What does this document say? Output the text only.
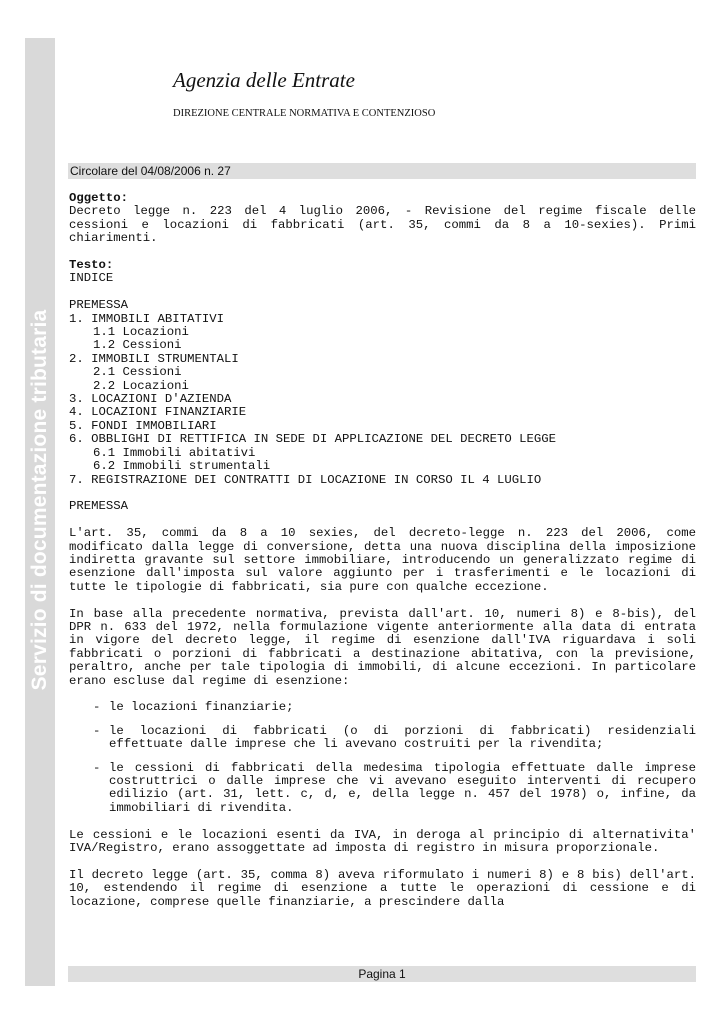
Servizio di documentazione tributaria
Agenzia delle Entrate
DIREZIONE CENTRALE NORMATIVA E CONTENZIOSO
Circolare del 04/08/2006 n. 27

Oggetto:

Decreto legge n. 223 del 4 luglio 2006, - Revisione del regime fiscale delle cessioni e locazioni di fabbricati (art. 35, commi da 8 a 10-sexies). Primi chiarimenti.

Testo:

INDICE

PREMESSA

1. IMMOBILI ABITATIVI

1.1 Locazioni

1.2 Cessioni

2. IMMOBILI STRUMENTALI

2.1 Cessioni

2.2 Locazioni

3. LOCAZIONI D'AZIENDA

4. LOCAZIONI FINANZIARIE

5. FONDI IMMOBILIARI

6. OBBLIGHI DI RETTIFICA IN SEDE DI APPLICAZIONE DEL DECRETO LEGGE

6.1 Immobili abitativi

6.2 Immobili strumentali

7. REGISTRAZIONE DEI CONTRATTI DI LOCAZIONE IN CORSO IL 4 LUGLIO

PREMESSA

L'art. 35, commi da 8 a 10 sexies, del decreto-legge n. 223 del 2006, come modificato dalla legge di conversione, detta una nuova disciplina della imposizione indiretta gravante sul settore immobiliare, introducendo un generalizzato regime di esenzione dall'imposta sul valore aggiunto per i trasferimenti e le locazioni di tutte le tipologie di fabbricati, sia pure con qualche eccezione.

In base alla precedente normativa, prevista dall'art. 10, numeri 8) e 8-bis), del DPR n. 633 del 1972, nella formulazione vigente anteriormente alla data di entrata in vigore del decreto legge, il regime di esenzione dall'IVA riguardava i soli fabbricati o porzioni di fabbricati a destinazione abitativa, con la previsione, peraltro, anche per tale tipologia di immobili, di alcune eccezioni. In particolare erano escluse dal regime di esenzione:

- le locazioni finanziarie;

- le locazioni di fabbricati (o di porzioni di fabbricati) residenziali effettuate dalle imprese che li avevano costruiti per la rivendita;

- le cessioni di fabbricati della medesima tipologia effettuate dalle imprese costruttrici o dalle imprese che vi avevano eseguito interventi di recupero edilizio (art. 31, lett. c, d, e, della legge n. 457 del 1978) o, infine, da immobiliari di rivendita.

Le cessioni e le locazioni esenti da IVA, in deroga al principio di alternativita' IVA/Registro, erano assoggettate ad imposta di registro in misura proporzionale.

Il decreto legge (art. 35, comma 8) aveva riformulato i numeri 8) e 8 bis) dell'art. 10, estendendo il regime di esenzione a tutte le operazioni di cessione e di locazione, comprese quelle finanziarie, a prescindere dalla

Pagina 1
